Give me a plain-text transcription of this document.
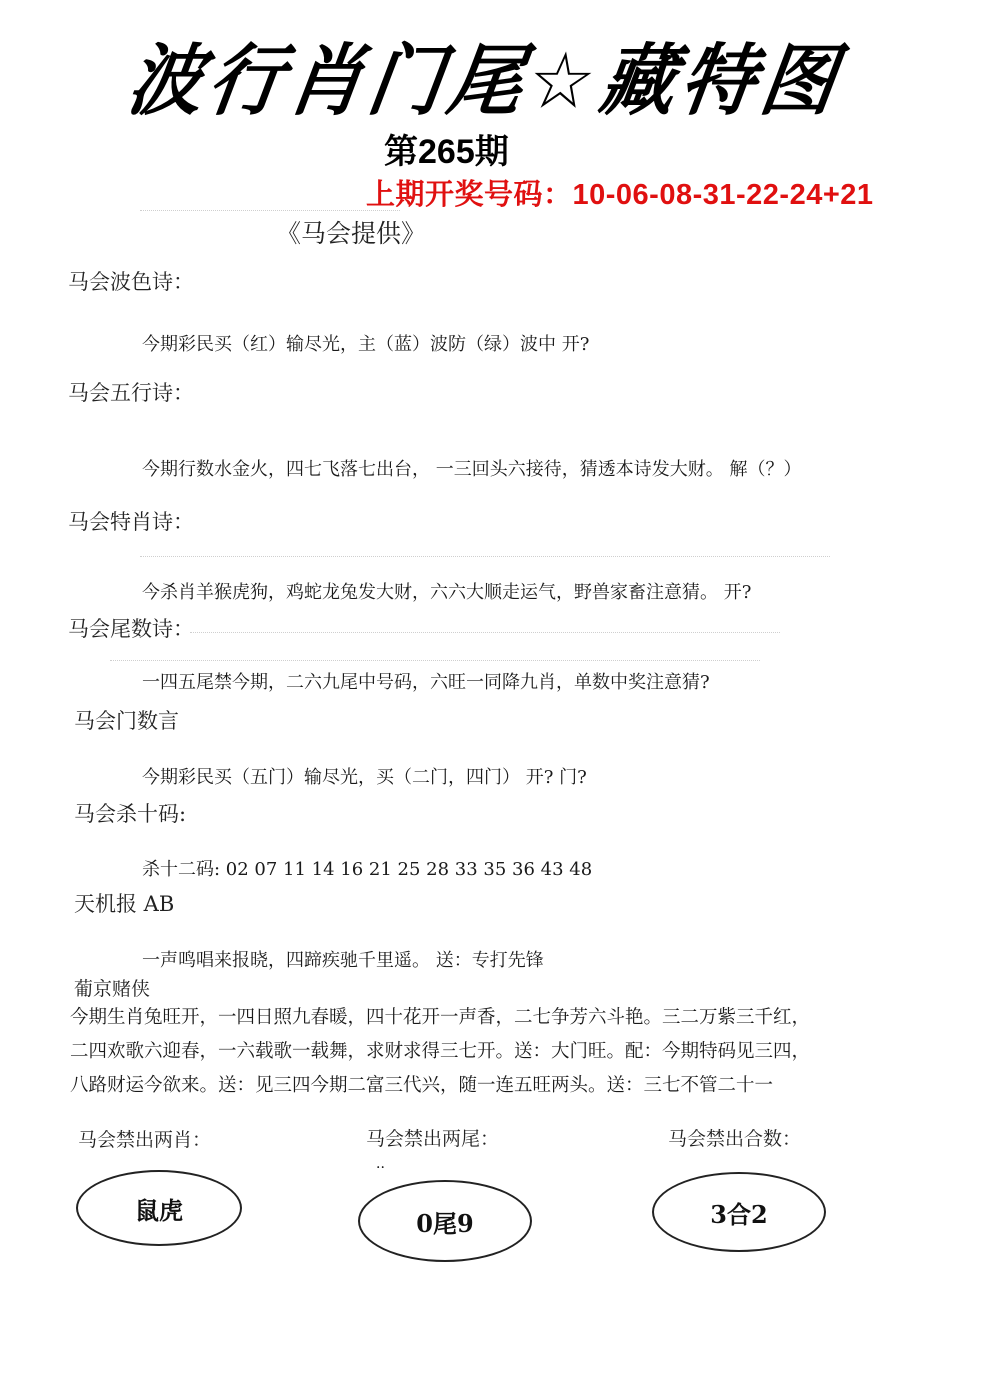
波行肖门尾☆藏特图
第265期
上期开奖号码：10-06-08-31-22-24+21
《马会提供》
马会波色诗：
今期彩民买（红）输尽光，主（蓝）波防（绿）波中 开?
马会五行诗：
今期行数水金火，四七飞落七出台， 一三回头六接待，猜透本诗发大财。 解（？）
马会特肖诗：
今杀肖羊猴虎狗，鸡蛇龙兔发大财，六六大顺走运气，野兽家畜注意猜。 开?
马会尾数诗：
一四五尾禁今期，二六九尾中号码，六旺一同降九肖，单数中奖注意猜?
马会门数言
今期彩民买（五门）输尽光，买（二门，四门） 开? 门?
马会杀十码:
杀十二码: 02 07 11 14 16 21 25 28 33 35 36 43 48
天机报 AB
一声鸣唱来报晓，四蹄疾驰千里遥。 送：专打先锋
葡京赌侠
今期生肖兔旺开，一四日照九春暖，四十花开一声香，二七争芳六斗艳。三二万紫三千红，
二四欢歌六迎春，一六载歌一载舞，求财求得三七开。送：大门旺。配：今期特码见三四，
八路财运今欲来。送：见三四今期二富三代兴，随一连五旺两头。送：三七不管二十一
马会禁出两肖：	马会禁出两尾：	马会禁出合数：
··
鼠虎	0尾9	3合2
